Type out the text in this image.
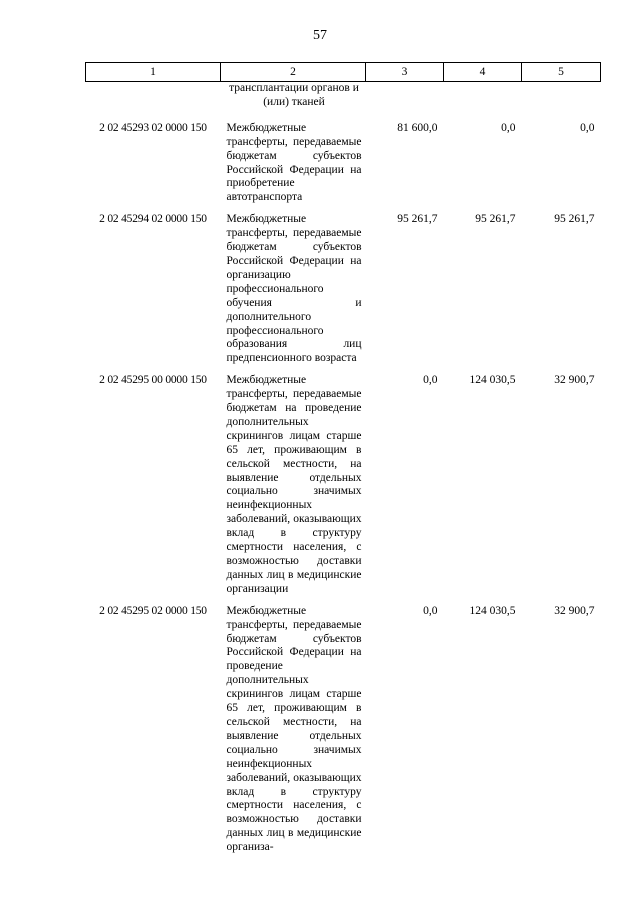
57
1	2	3	4	5
	трансплантации органов и (или) тканей			
2 02 45293 02 0000 150	Межбюджетные трансферты, передаваемые бюджетам субъектов Российской Федерации на приобретение автотранспорта	81 600,0	0,0	0,0
2 02 45294 02 0000 150	Межбюджетные трансферты, передаваемые бюджетам субъектов Российской Федерации на организацию профессионального обучения и дополнительного профессионального образования лиц предпенсионного возраста	95 261,7	95 261,7	95 261,7
2 02 45295 00 0000 150	Межбюджетные трансферты, передаваемые бюджетам на проведение дополнительных скринингов лицам старше 65 лет, проживающим в сельской местности, на выявление отдельных социально значимых неинфекционных заболеваний, оказывающих вклад в структуру смертности населения, с возможностью доставки данных лиц в медицинские организации	0,0	124 030,5	32 900,7
2 02 45295 02 0000 150	Межбюджетные трансферты, передаваемые бюджетам субъектов Российской Федерации на проведение дополнительных скринингов лицам старше 65 лет, проживающим в сельской местности, на выявление отдельных социально значимых неинфекционных заболеваний, оказывающих вклад в структуру смертности населения, с возможностью доставки данных лиц в медицинские организа-	0,0	124 030,5	32 900,7
